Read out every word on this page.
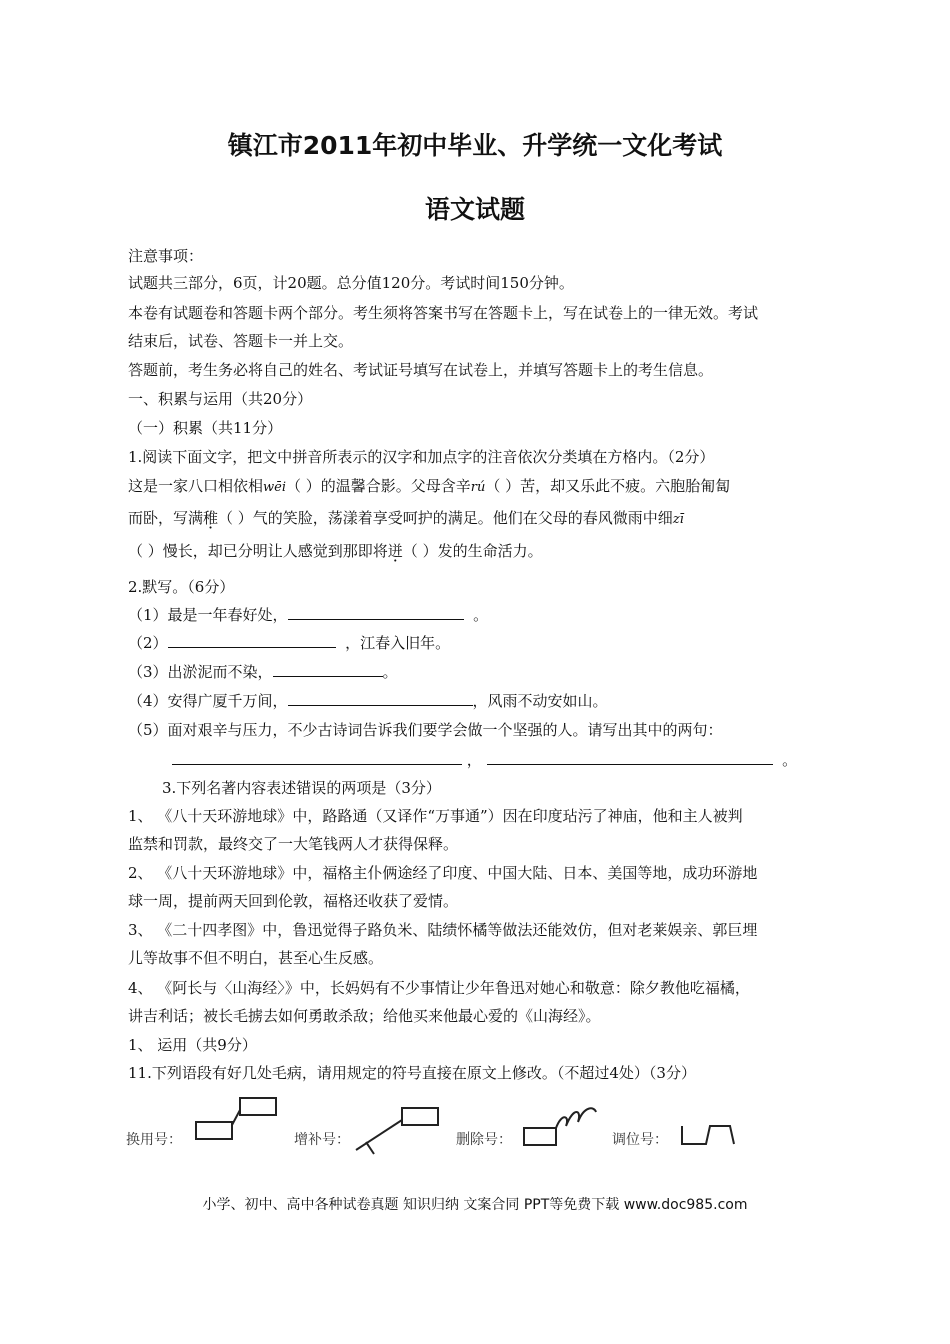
镇江市2011年初中毕业、升学统一文化考试
语文试题
注意事项：
试题共三部分，6页，计20题。总分值120分。考试时间150分钟。
本卷有试题卷和答题卡两个部分。考生须将答案书写在答题卡上，写在试卷上的一律无效。考试
结束后，试卷、答题卡一并上交。
答题前，考生务必将自己的姓名、考试证号填写在试卷上，并填写答题卡上的考生信息。
一、积累与运用（共20分）
（一）积累（共11分）
1.阅读下面文字，把文中拼音所表示的汉字和加点字的注音依次分类填在方格内。（2分）
这是一家八口相依相wēi（ ）的温馨合影。父母含辛rú（ ）苦，却又乐此不疲。六胞胎匍匐
而卧，写满稚（ ）气的笑脸，荡漾着享受呵护的满足。他们在父母的春风微雨中细zī
（ ）慢长，却已分明让人感觉到那即将迸（ ）发的生命活力。
2.默写。（6分）
（1）最是一年春好处，	。
（2）	，江春入旧年。
（3）出淤泥而不染，	。
（4）安得广厦千万间，	，风雨不动安如山。
（5）面对艰辛与压力，不少古诗词告诉我们要学会做一个坚强的人。请写出其中的两句：
，	。
3.下列名著内容表述错误的两项是（3分）
1、 《八十天环游地球》中，路路通（又译作“万事通”）因在印度玷污了神庙，他和主人被判
监禁和罚款，最终交了一大笔钱两人才获得保释。
2、 《八十天环游地球》中，福格主仆俩途经了印度、中国大陆、日本、美国等地，成功环游地
球一周，提前两天回到伦敦，福格还收获了爱情。
3、 《二十四孝图》中，鲁迅觉得子路负米、陆绩怀橘等做法还能效仿，但对老莱娱亲、郭巨埋
儿等故事不但不明白，甚至心生反感。
4、 《阿长与〈山海经〉》中，长妈妈有不少事情让少年鲁迅对她心和敬意：除夕教他吃福橘，
讲吉利话；被长毛掳去如何勇敢杀敌；给他买来他最心爱的《山海经》。
1、 运用（共9分）
11.下列语段有好几处毛病，请用规定的符号直接在原文上修改。（不超过4处）（3分）
换用号：	增补号：	删除号：	调位号：
小学、初中、高中各种试卷真题 知识归纳 文案合同 PPT等免费下载 www.doc985.com
